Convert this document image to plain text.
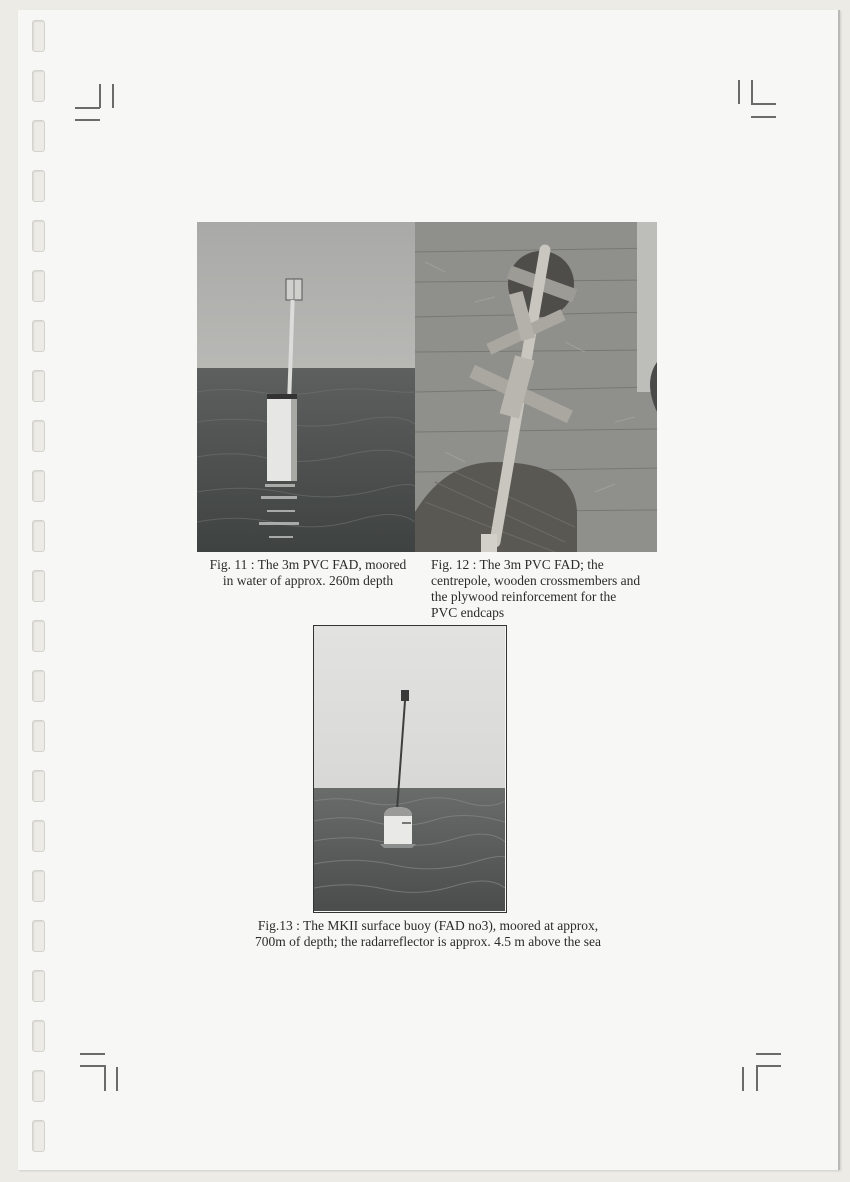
Fig. 11 : The 3m PVC FAD, moored
in water of approx. 260m depth
Fig. 12 : The 3m PVC FAD; the
centrepole, wooden crossmembers and
the plywood reinforcement for the
PVC endcaps
Fig.13 : The MKII surface buoy (FAD no3), moored at approx,
700m of depth; the radarreflector is approx. 4.5 m above the sea
